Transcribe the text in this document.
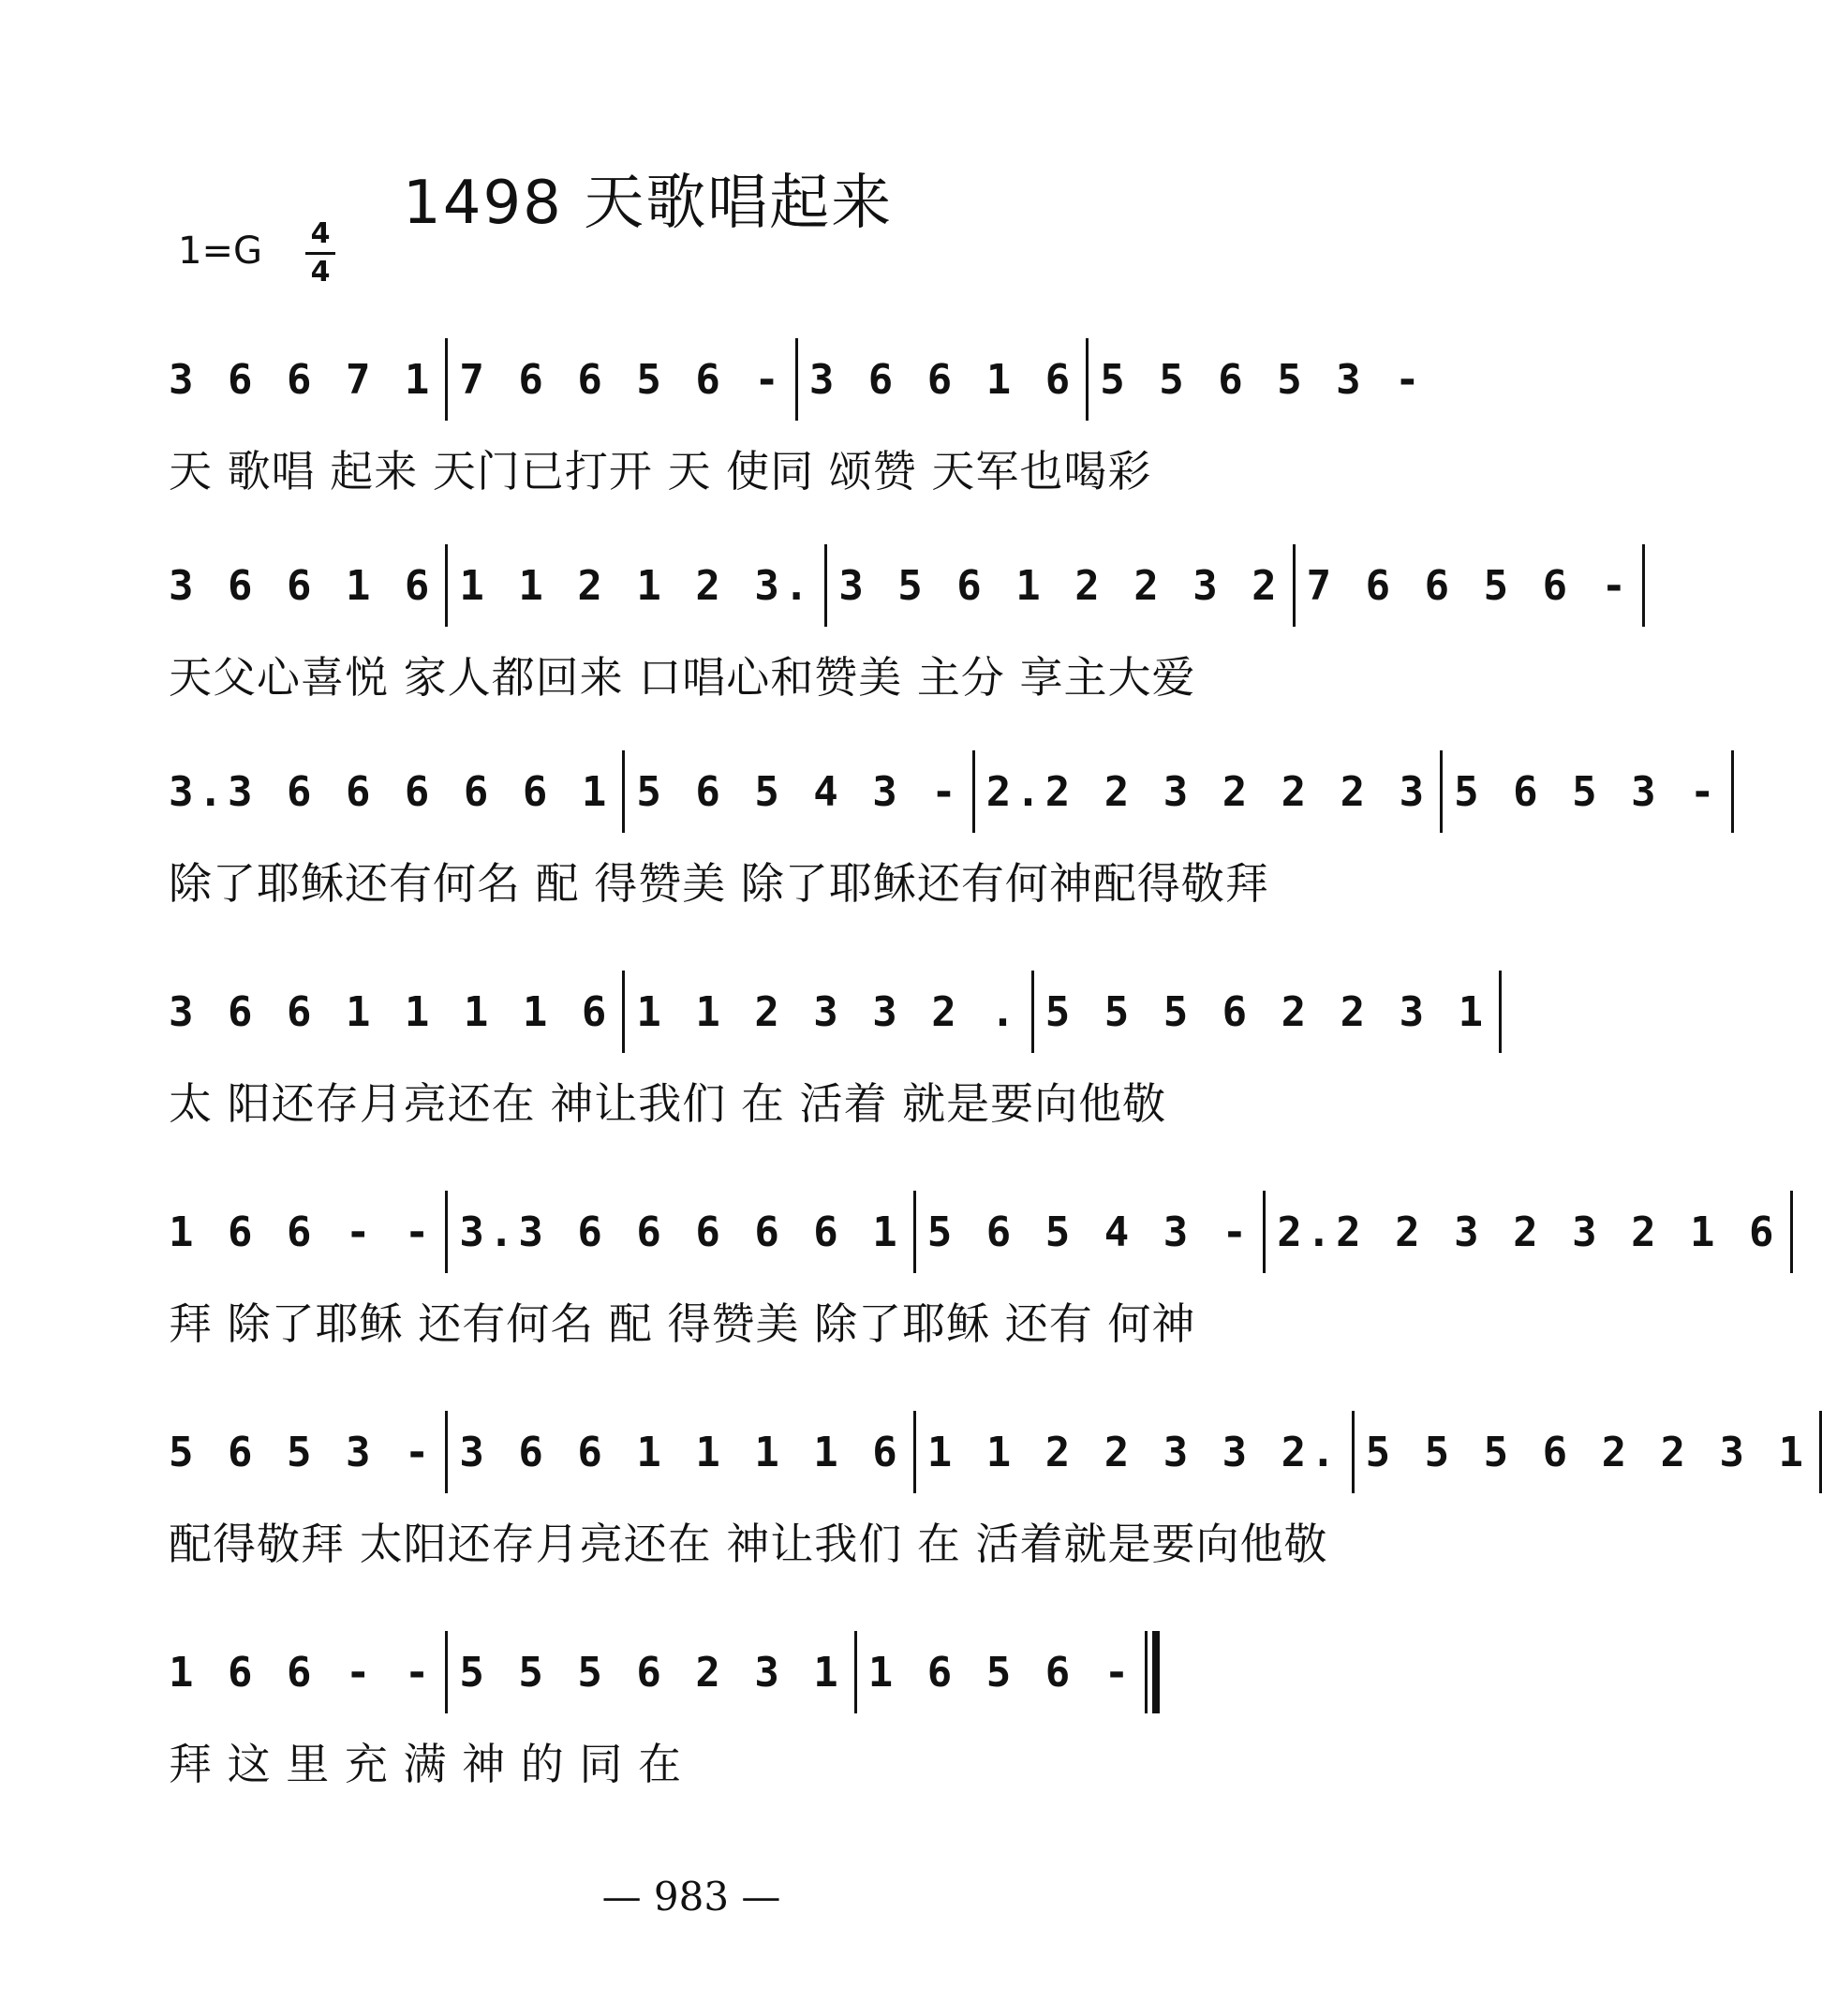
1498 天歌唱起来
1=G	4
4
3 6 6 7 1 7 6 6 5 6 - 3 6 6 1 6 5 5 6 5 3 -
天 歌唱 起来 天门已打开 天 使同 颂赞 天军也喝彩
3 6 6 1 6 1 1 2 1 2 3. 3 5 6 1 2 2 3 2 7 6 6 5 6 -
天父心喜悦 家人都回来 口唱心和赞美 主分 享主大爱
3.3 6 6 6 6 6 1 5 6 5 4 3 - 2.2 2 3 2 2 2 3 5 6 5 3 -
除了耶稣还有何名 配 得赞美 除了耶稣还有何神配得敬拜
3 6 6 1 1 1 1 6 1 1 2 3 3 2 . 5 5 5 6 2 2 3 1
太 阳还存月亮还在 神让我们 在 活着 就是要向他敬
1 6 6 - - 3.3 6 6 6 6 6 1 5 6 5 4 3 - 2.2 2 3 2 3 2 1 6
拜 除了耶稣 还有何名 配 得赞美 除了耶稣 还有 何神
5 6 5 3 - 3 6 6 1 1 1 1 6 1 1 2 2 3 3 2. 5 5 5 6 2 2 3 1
配得敬拜 太阳还存月亮还在 神让我们 在 活着就是要向他敬
1 6 6 - - 5 5 5 6 2 3 1 1 6 5 6 -
拜 这 里 充 满 神 的 同 在
— 983 —
